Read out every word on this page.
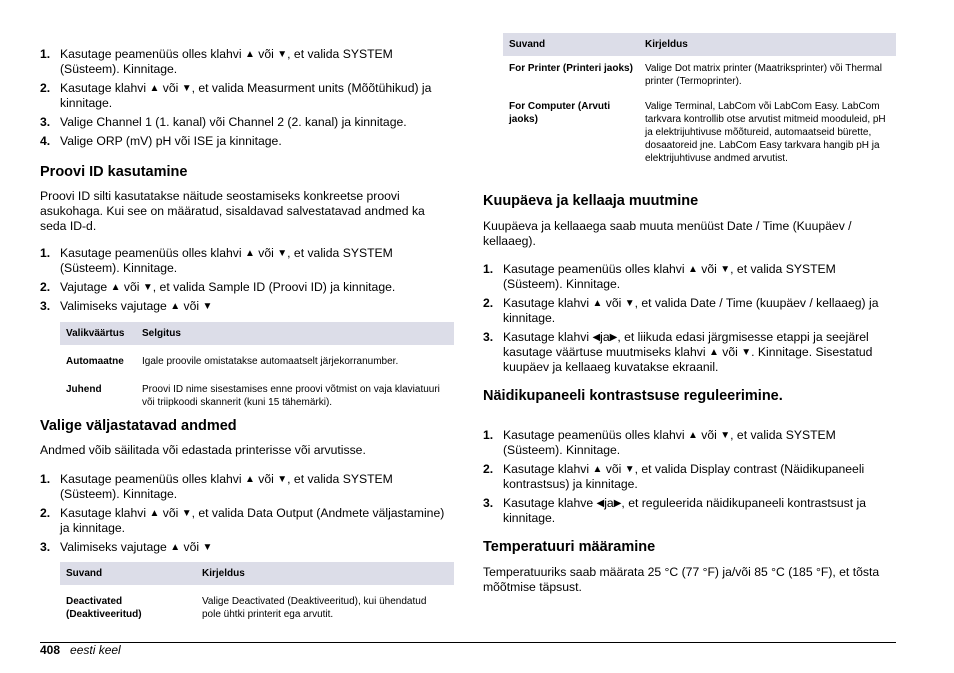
1. Kasutage peamenüüs olles klahvi ▲ või ▼, et valida SYSTEM (Süsteem). Kinnitage.
2. Kasutage klahvi ▲ või ▼, et valida Measurment units (Mõõtühikud) ja kinnitage.
3. Valige Channel 1 (1. kanal) või Channel 2 (2. kanal) ja kinnitage.
4. Valige ORP (mV) pH või ISE ja kinnitage.
Proovi ID kasutamine

Proovi ID silti kasutatakse näitude seostamiseks konkreetse proovi asukohaga. Kui see on määratud, sisaldavad salvestatavad andmed ka seda ID-d.

1. Kasutage peamenüüs olles klahvi ▲ või ▼, et valida SYSTEM (Süsteem). Kinnitage.
2. Vajutage ▲ või ▼, et valida Sample ID (Proovi ID) ja kinnitage.
3. Valimiseks vajutage ▲ või ▼
Valikväärtus	Selgitus
Automaatne	Igale proovile omistatakse automaatselt järjekorranumber.
Juhend	Proovi ID nime sisestamises enne proovi võtmist on vaja klaviatuuri või triipkoodi skannerit (kuni 15 tähemärki).
Valige väljastatavad andmed

Andmed võib säilitada või edastada printerisse või arvutisse.

1. Kasutage peamenüüs olles klahvi ▲ või ▼, et valida SYSTEM (Süsteem). Kinnitage.
2. Kasutage klahvi ▲ või ▼, et valida Data Output (Andmete väljastamine) ja kinnitage.
3. Valimiseks vajutage ▲ või ▼
Suvand	Kirjeldus
Deactivated (Deaktiveeritud)	Valige Deactivated (Deaktiveeritud), kui ühendatud pole ühtki printerit ega arvutit.
Suvand	Kirjeldus
For Printer (Printeri jaoks)	Valige Dot matrix printer (Maatriksprinter) või Thermal printer (Termoprinter).
For Computer (Arvuti jaoks)	Valige Terminal, LabCom või LabCom Easy. LabCom tarkvara kontrollib otse arvutist mitmeid mooduleid, pH ja elektrijuhtivuse mõõtureid, automaatseid bürette, dosaatoreid jne. LabCom Easy tarkvara hangib pH ja elektrijuhtivuse andmed arvutist.
Kuupäeva ja kellaaja muutmine

Kuupäeva ja kellaaega saab muuta menüüst Date / Time (Kuupäev / kellaaeg).

1. Kasutage peamenüüs olles klahvi ▲ või ▼, et valida SYSTEM (Süsteem). Kinnitage.
2. Kasutage klahvi ▲ või ▼, et valida Date / Time (kuupäev / kellaaeg) ja kinnitage.
3. Kasutage klahvi ◀ja▶, et liikuda edasi järgmisesse etappi ja seejärel kasutage väärtuse muutmiseks klahvi ▲ või ▼. Kinnitage. Sisestatud kuupäev ja kellaaeg kuvatakse ekraanil.
Näidikupaneeli kontrastsuse reguleerimine.
1. Kasutage peamenüüs olles klahvi ▲ või ▼, et valida SYSTEM (Süsteem). Kinnitage.
2. Kasutage klahvi ▲ või ▼, et valida Display contrast (Näidikupaneeli kontrastsus) ja kinnitage.
3. Kasutage klahve ◀ja▶, et reguleerida näidikupaneeli kontrastsust ja kinnitage.
Temperatuuri määramine

Temperatuuriks saab määrata 25 °C (77 °F) ja/või 85 °C (185 °F), et tõsta mõõtmise täpsust.

408 eesti keel
